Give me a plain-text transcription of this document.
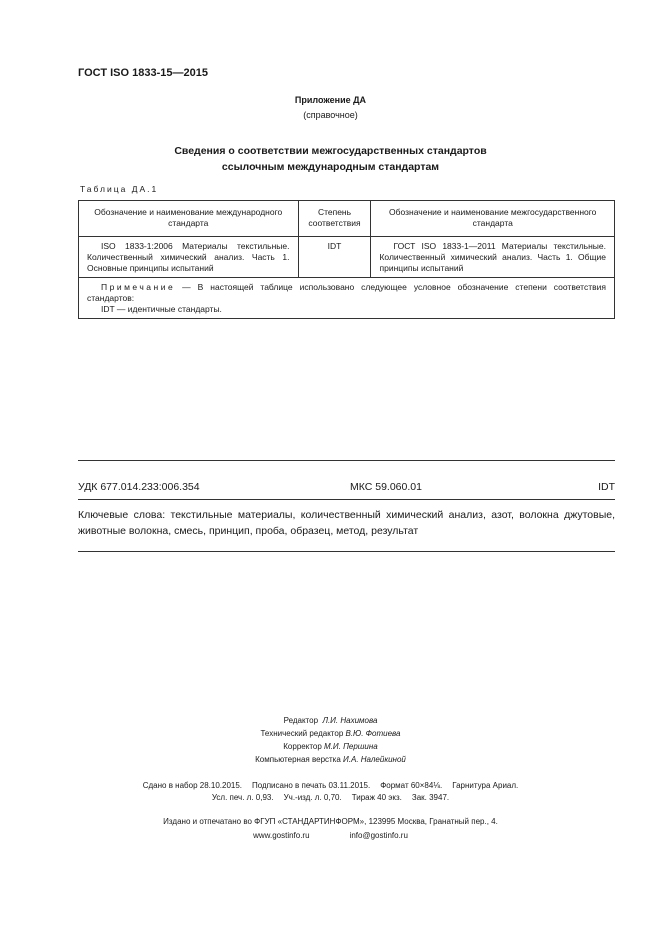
ГОСТ ISO 1833-15—2015
Приложение ДА
(справочное)
Сведения о соответствии межгосударственных стандартов
ссылочным международным стандартам
Таблица ДА.1
Обозначение и наименование международного стандарта	Степень соответствия	Обозначение и наименование межгосударственного стандарта
ISO 1833-1:2006 Материалы текстильные. Количественный химический анализ. Часть 1. Основные принципы испытаний	IDT	ГОСТ ISO 1833-1—2011 Материалы текстильные. Количественный химический анализ. Часть 1. Общие принципы испытаний

Примечание — В настоящей таблице использовано следующее условное обозначение степени соответствия стандартов:
IDT — идентичные стандарты.		
УДК 677.014.233:006.354	МКС 59.060.01	IDT
Ключевые слова: текстильные материалы, количественный химический анализ, азот, волокна джутовые, животные волокна, смесь, принцип, проба, образец, метод, результат
Редактор Л.И. Нахимова
Технический редактор В.Ю. Фотиева
Корректор М.И. Першина
Компьютерная верстка И.А. Налейкиной
Сдано в набор 28.10.2015. Подписано в печать 03.11.2015. Формат 60×84⅛. Гарнитура Ариал.
Усл. печ. л. 0,93. Уч.-изд. л. 0,70. Тираж 40 экз. Зак. 3947.
Издано и отпечатано во ФГУП «СТАНДАРТИНФОРМ», 123995 Москва, Гранатный пер., 4.
www.gostinfo.ru	info@gostinfo.ru
